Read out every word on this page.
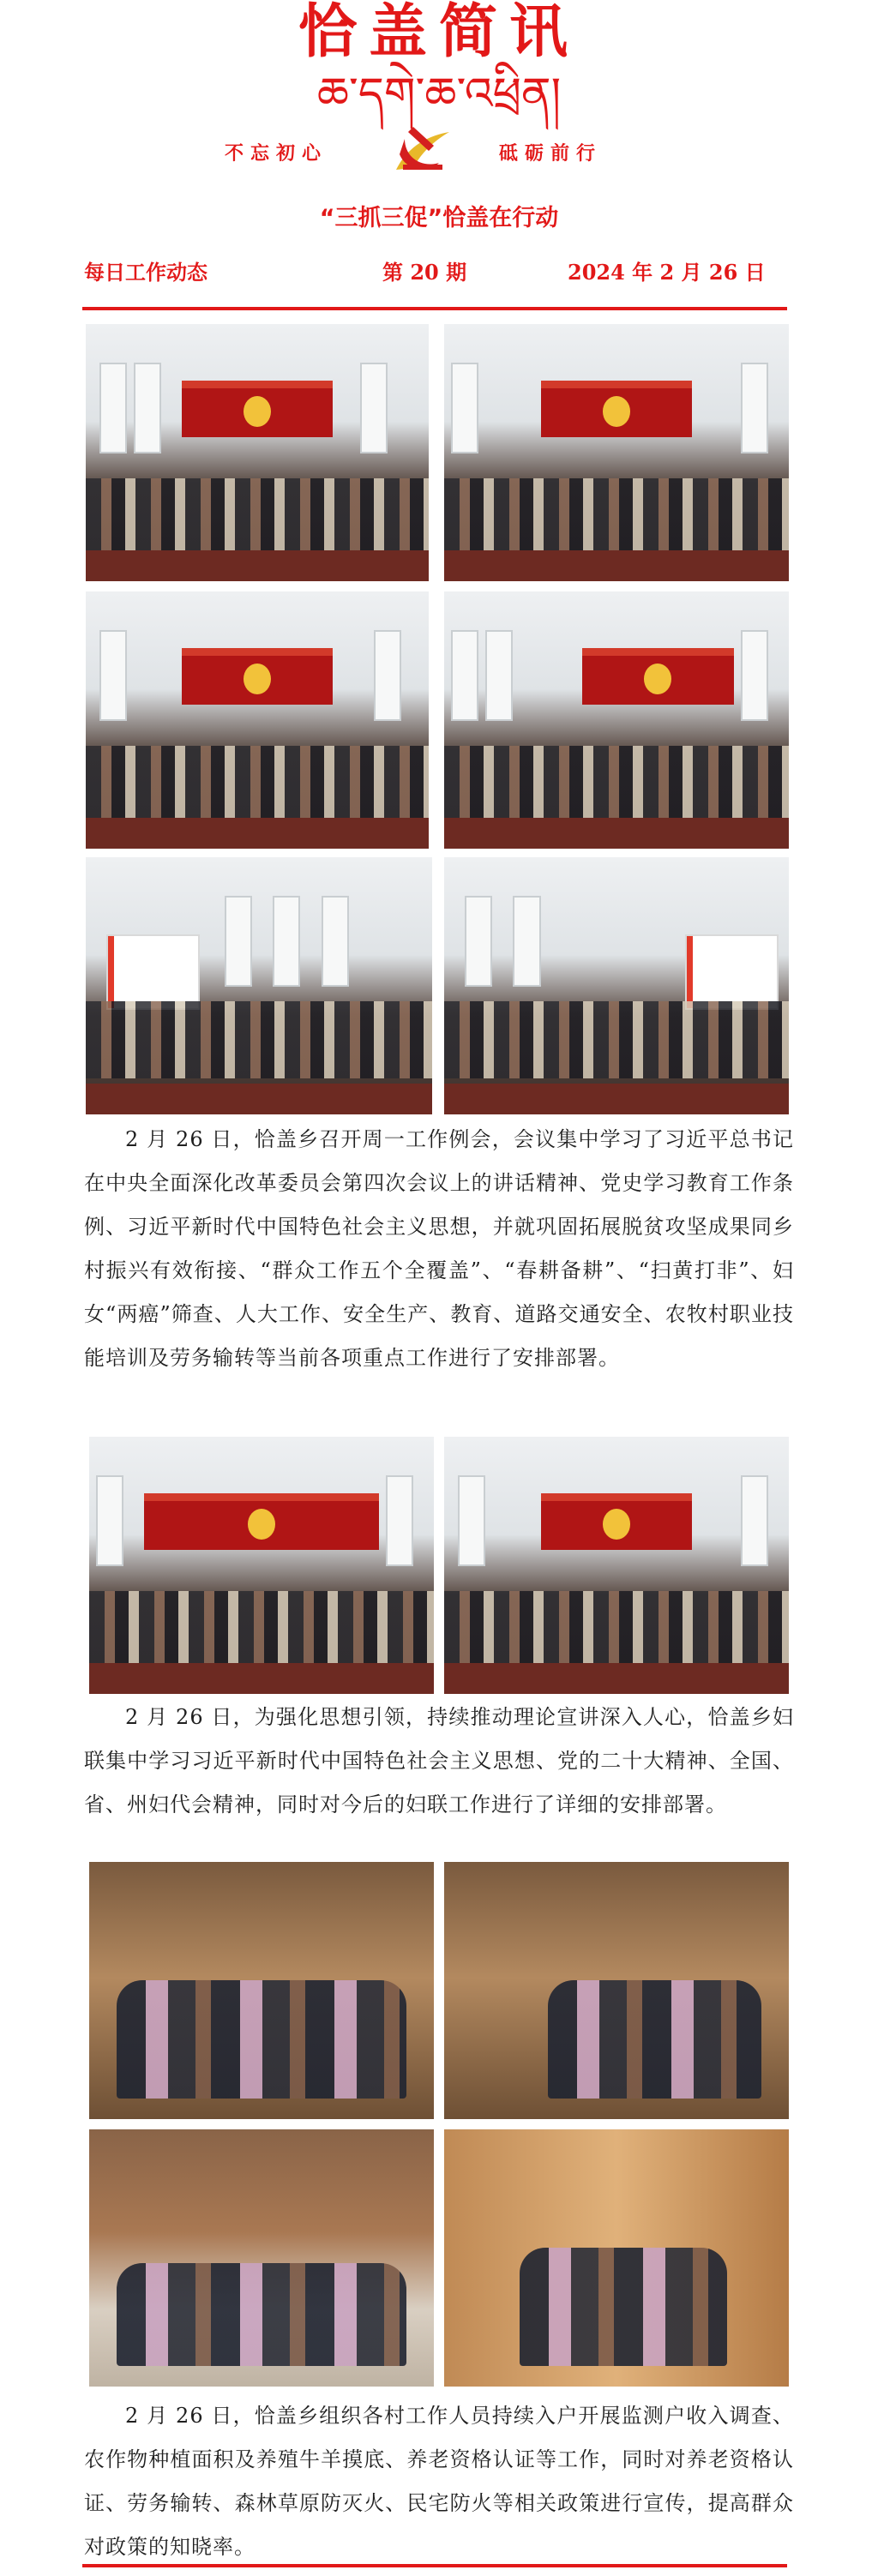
恰盖简讯
ཆ་དགེ་ཆ་འཕྲིན།
不忘初心	砥砺前行
“三抓三促”恰盖在行动
每日工作动态	第 20 期	2024 年 2 月 26 日
2 月 26 日，恰盖乡召开周一工作例会，会议集中学习了习近平总书记在中央全面深化改革委员会第四次会议上的讲话精神、党史学习教育工作条例、习近平新时代中国特色社会主义思想，并就巩固拓展脱贫攻坚成果同乡村振兴有效衔接、“群众工作五个全覆盖”、“春耕备耕”、“扫黄打非”、妇女“两癌”筛查、人大工作、安全生产、教育、道路交通安全、农牧村职业技能培训及劳务输转等当前各项重点工作进行了安排部署。
2 月 26 日，为强化思想引领，持续推动理论宣讲深入人心，恰盖乡妇联集中学习习近平新时代中国特色社会主义思想、党的二十大精神、全国、省、州妇代会精神，同时对今后的妇联工作进行了详细的安排部署。
2 月 26 日，恰盖乡组织各村工作人员持续入户开展监测户收入调查、农作物种植面积及养殖牛羊摸底、养老资格认证等工作，同时对养老资格认证、劳务输转、森林草原防灭火、民宅防火等相关政策进行宣传，提高群众对政策的知晓率。
